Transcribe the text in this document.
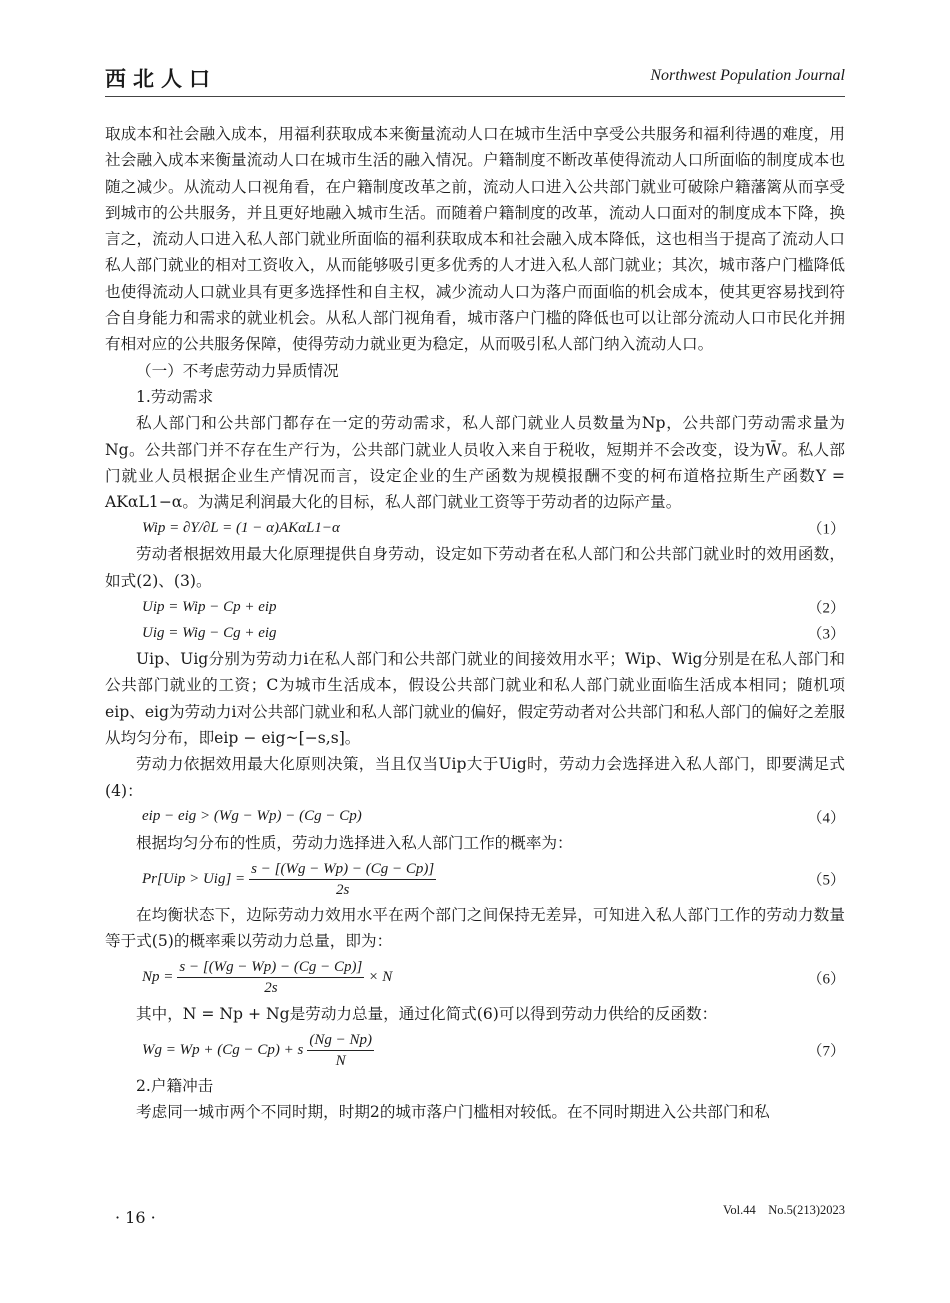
西北人口	Northwest Population Journal

取成本和社会融入成本，用福利获取成本来衡量流动人口在城市生活中享受公共服务和福利待遇的难度，用社会融入成本来衡量流动人口在城市生活的融入情况。户籍制度不断改革使得流动人口所面临的制度成本也随之减少。从流动人口视角看，在户籍制度改革之前，流动人口进入公共部门就业可破除户籍藩篱从而享受到城市的公共服务，并且更好地融入城市生活。而随着户籍制度的改革，流动人口面对的制度成本下降，换言之，流动人口进入私人部门就业所面临的福利获取成本和社会融入成本降低，这也相当于提高了流动人口私人部门就业的相对工资收入，从而能够吸引更多优秀的人才进入私人部门就业；其次，城市落户门槛降低也使得流动人口就业具有更多选择性和自主权，减少流动人口为落户而面临的机会成本，使其更容易找到符合自身能力和需求的就业机会。从私人部门视角看，城市落户门槛的降低也可以让部分流动人口市民化并拥有相对应的公共服务保障，使得劳动力就业更为稳定，从而吸引私人部门纳入流动人口。

（一）不考虑劳动力异质情况

1.劳动需求

私人部门和公共部门都存在一定的劳动需求，私人部门就业人员数量为Np，公共部门劳动需求量为Ng。公共部门并不存在生产行为，公共部门就业人员收入来自于税收，短期并不会改变，设为W̄。私人部门就业人员根据企业生产情况而言，设定企业的生产函数为规模报酬不变的柯布道格拉斯生产函数Y = AKαL1−α。为满足利润最大化的目标，私人部门就业工资等于劳动者的边际产量。

Wip = ∂Y/∂L = (1 − α)AKαL1−α	（1）

劳动者根据效用最大化原理提供自身劳动，设定如下劳动者在私人部门和公共部门就业时的效用函数，如式(2)、(3)。

Uip = Wip − Cp + eip	（2）
Uig = Wig − Cg + eig	（3）

Uip、Uig分别为劳动力i在私人部门和公共部门就业的间接效用水平；Wip、Wig分别是在私人部门和公共部门就业的工资；C为城市生活成本，假设公共部门就业和私人部门就业面临生活成本相同；随机项eip、eig为劳动力i对公共部门就业和私人部门就业的偏好，假定劳动者对公共部门和私人部门的偏好之差服从均匀分布，即eip − eig~[−s,s]。

劳动力依据效用最大化原则决策，当且仅当Uip大于Uig时，劳动力会选择进入私人部门，即要满足式(4)：

eip − eig > (Wg − Wp) − (Cg − Cp)	（4）

根据均匀分布的性质，劳动力选择进入私人部门工作的概率为：

$Pr[Uip > Uig] = \frac{s - [(Wg - Wp) - (Cg - Cp)]}{2s}$	（5）

在均衡状态下，边际劳动力效用水平在两个部门之间保持无差异，可知进入私人部门工作的劳动力数量等于式(5)的概率乘以劳动力总量，即为：

$Np = \frac{s - [(Wg - Wp) - (Cg - Cp)]}{2s} \times N$	（6）

其中，N = Np + Ng是劳动力总量，通过化简式(6)可以得到劳动力供给的反函数：

Wg = Wp + (Cg − Cp) + s $\frac{(Ng - Np)}{N}$	（7）

2.户籍冲击

考虑同一城市两个不同时期，时期2的城市落户门槛相对较低。在不同时期进入公共部门和私

· 16 ·	Vol.44　No.5(213)2023
